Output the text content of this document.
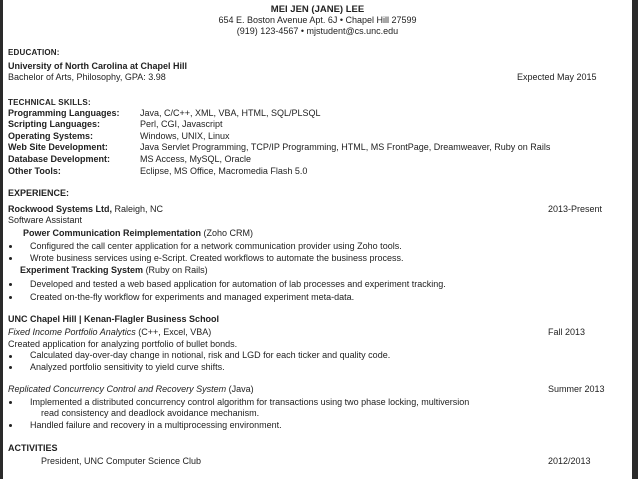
MEI JEN (JANE) LEE
654 E. Boston Avenue Apt. 6J • Chapel Hill 27599
(919) 123-4567 • mjstudent@cs.unc.edu
EDUCATION:
University of North Carolina at Chapel Hill
Bachelor of Arts, Philosophy, GPA: 3.98	Expected May 2015
TECHNICAL SKILLS:
Programming Languages: Java, C/C++, XML, VBA, HTML, SQL/PLSQL
Scripting Languages:	Perl, CGI, Javascript
Operating Systems:	Windows, UNIX, Linux
Web Site Development:	Java Servlet Programming, TCP/IP Programming, HTML, MS FrontPage, Dreamweaver, Ruby on Rails
Database Development:	MS Access, MySQL, Oracle
Other Tools:	Eclipse, MS Office, Macromedia Flash 5.0
EXPERIENCE:
Rockwood Systems Ltd, Raleigh, NC	2013-Present
Software Assistant
Power Communication Reimplementation (Zoho CRM)
Configured the call center application for a network communication provider using Zoho tools.
Wrote business services using e-Script. Created workflows to automate the business process.
Experiment Tracking System (Ruby on Rails)
Developed and tested a web based application for automation of lab processes and experiment tracking.
Created on-the-fly workflow for experiments and managed experiment meta-data.
UNC Chapel Hill | Kenan-Flagler Business School
Fixed Income Portfolio Analytics (C++, Excel, VBA)	Fall 2013
Created application for analyzing portfolio of bullet bonds.
Calculated day-over-day change in notional, risk and LGD for each ticker and quality code.
Analyzed portfolio sensitivity to yield curve shifts.
Replicated Concurrency Control and Recovery System (Java)	Summer 2013
Implemented a distributed concurrency control algorithm for transactions using two phase locking, multiversion
read consistency and deadlock avoidance mechanism.
Handled failure and recovery in a multiprocessing environment.
ACTIVITIES
President, UNC Computer Science Club	2012/2013
